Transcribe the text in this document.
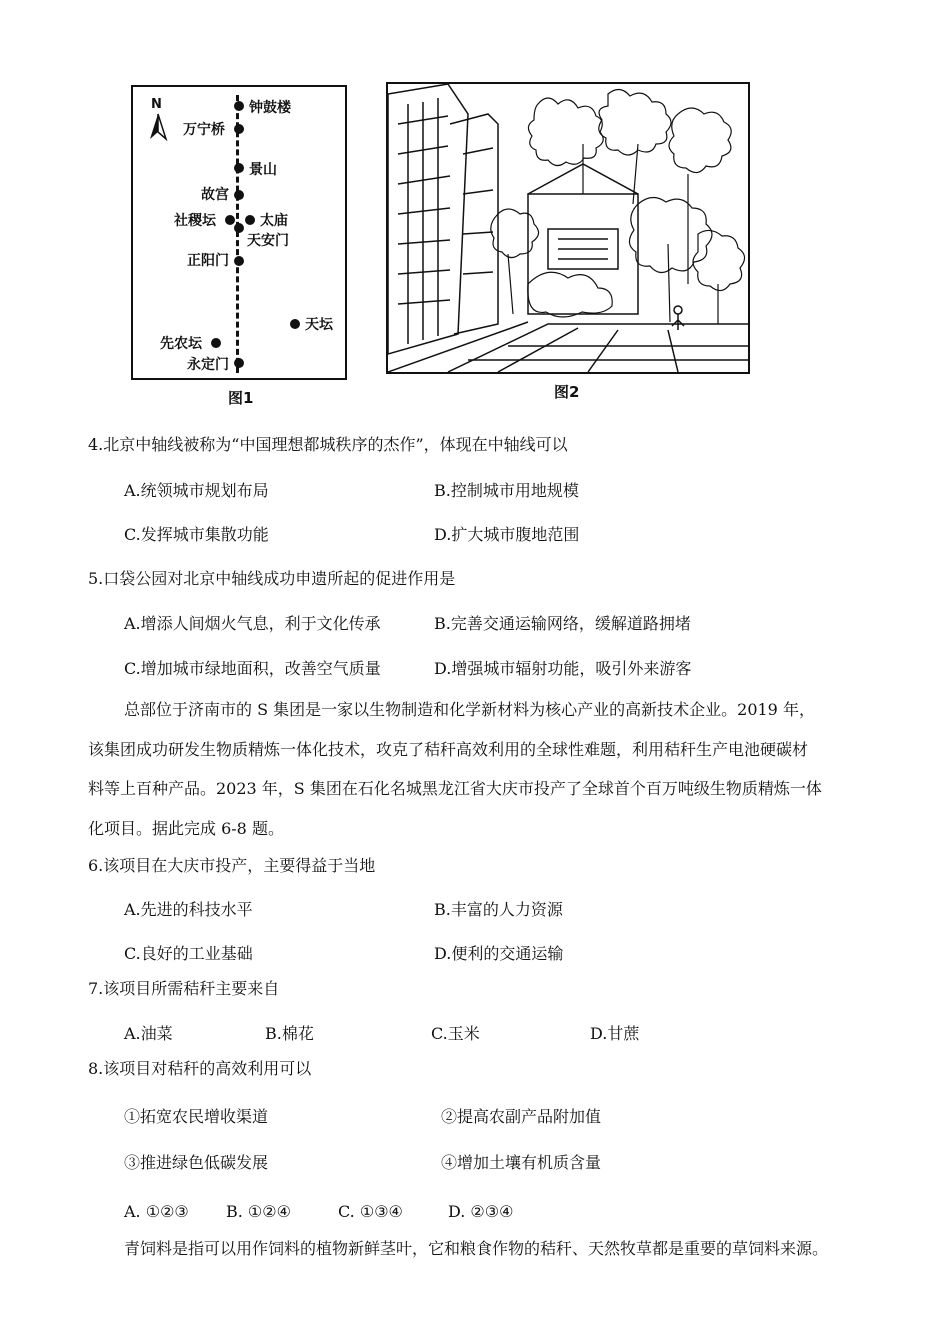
N	钟鼓楼
万宁桥
景山
故宫
社稷坛	太庙
天安门
正阳门
天坛
先农坛
永定门
图1	图2
4.北京中轴线被称为“中国理想都城秩序的杰作”，体现在中轴线可以
A.统领城市规划布局	B.控制城市用地规模
C.发挥城市集散功能	D.扩大城市腹地范围
5.口袋公园对北京中轴线成功申遗所起的促进作用是
A.增添人间烟火气息，利于文化传承	B.完善交通运输网络，缓解道路拥堵
C.增加城市绿地面积，改善空气质量	D.增强城市辐射功能，吸引外来游客
总部位于济南市的 S 集团是一家以生物制造和化学新材料为核心产业的高新技术企业。2019 年，
该集团成功研发生物质精炼一体化技术，攻克了秸秆高效利用的全球性难题，利用秸秆生产电池硬碳材
料等上百种产品。2023 年，S 集团在石化名城黑龙江省大庆市投产了全球首个百万吨级生物质精炼一体
化项目。据此完成 6-8 题。
6.该项目在大庆市投产，主要得益于当地
A.先进的科技水平	B.丰富的人力资源
C.良好的工业基础	D.便利的交通运输
7.该项目所需秸秆主要来自
A.油菜	B.棉花	C.玉米	D.甘蔗
8.该项目对秸秆的高效利用可以
①拓宽农民增收渠道	②提高农副产品附加值
③推进绿色低碳发展	④增加土壤有机质含量
A. ①②③ B. ①②④	C. ①③④	D. ②③④
青饲料是指可以用作饲料的植物新鲜茎叶，它和粮食作物的秸秆、天然牧草都是重要的草饲料来源。
